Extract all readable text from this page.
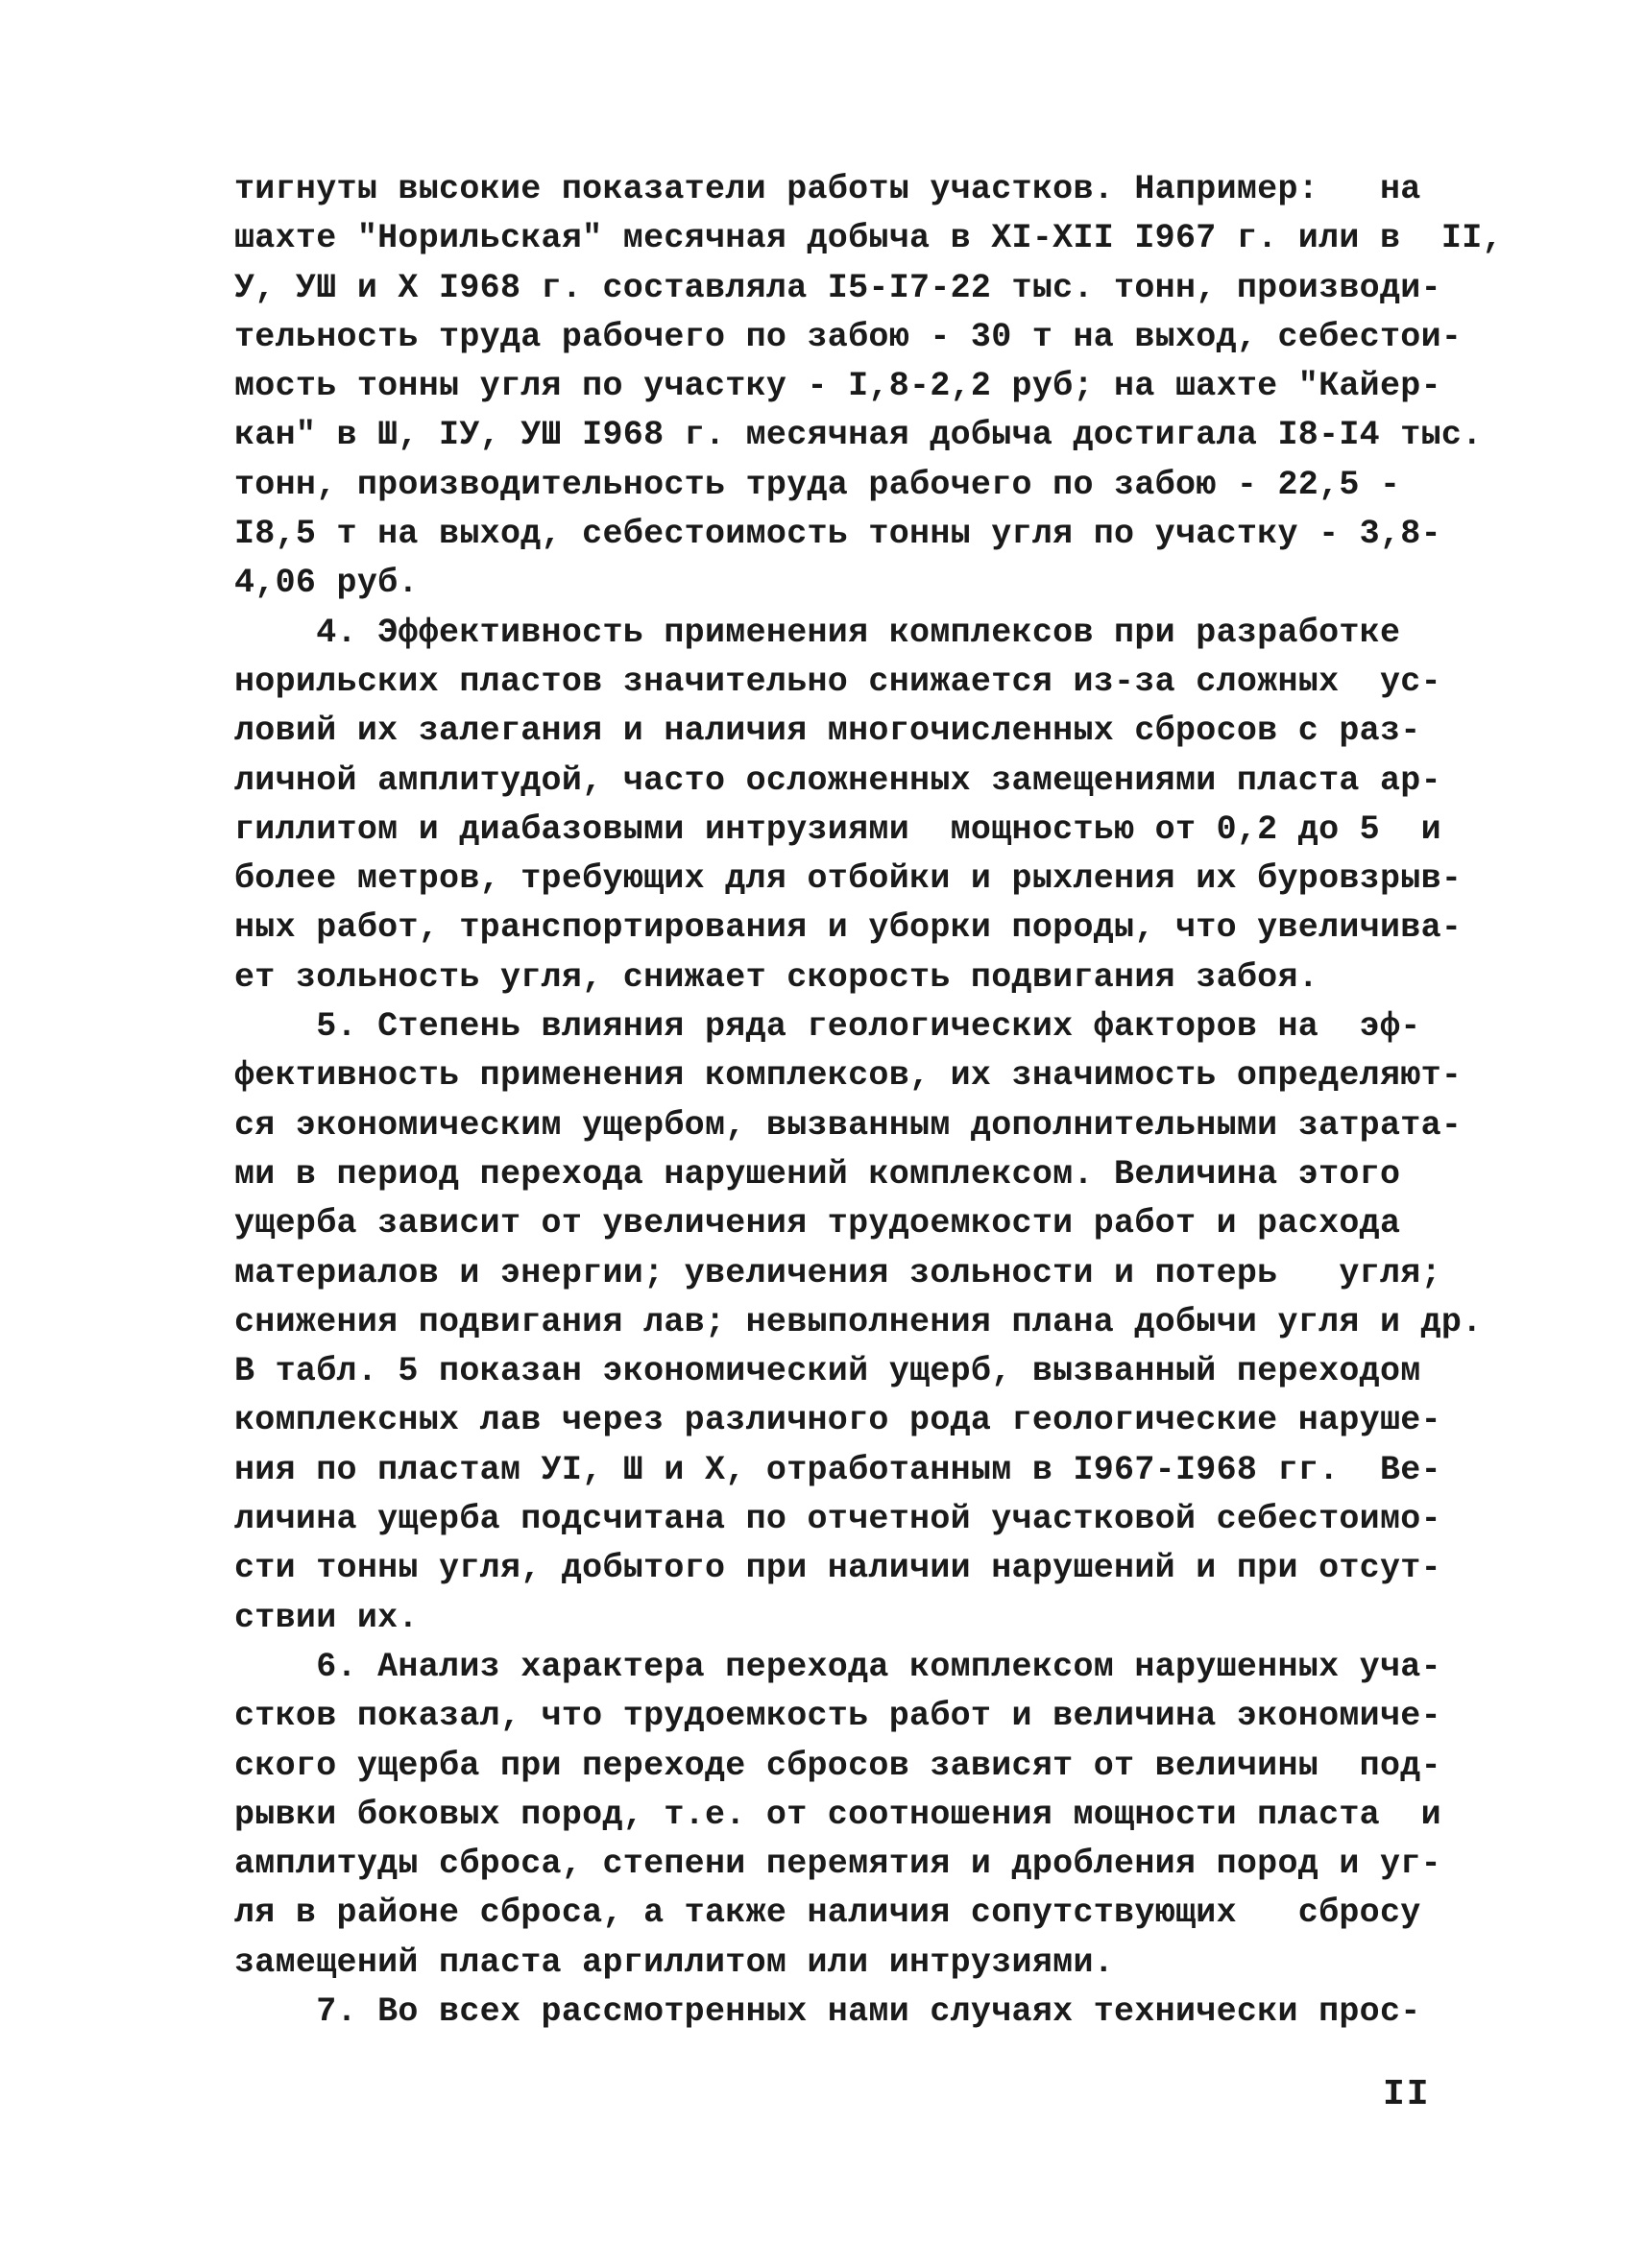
тигнуты высокие показатели работы участков. Например:   на
шахте "Норильская" месячная добыча в XI-XII I967 г. или в  II,
У, УШ и X I968 г. составляла I5-I7-22 тыс. тонн, производи-
тельность труда рабочего по забою - 30 т на выход, себестои-
мость тонны угля по участку - I,8-2,2 руб; на шахте "Кайер-
кан" в Ш, IУ, УШ I968 г. месячная добыча достигала I8-I4 тыс.
тонн, производительность труда рабочего по забою - 22,5 -
I8,5 т на выход, себестоимость тонны угля по участку - 3,8-
4,06 руб.
4. Эффективность применения комплексов при разработке
норильских пластов значительно снижается из-за сложных  ус-
ловий их залегания и наличия многочисленных сбросов с раз-
личной амплитудой, часто осложненных замещениями пласта ар-
гиллитом и диабазовыми интрузиями  мощностью от 0,2 до 5  и
более метров, требующих для отбойки и рыхления их буровзрыв-
ных работ, транспортирования и уборки породы, что увеличива-
ет зольность угля, снижает скорость подвигания забоя.
5. Степень влияния ряда геологических факторов на  эф-
фективность применения комплексов, их значимость определяют-
ся экономическим ущербом, вызванным дополнительными затрата-
ми в период перехода нарушений комплексом. Величина этого
ущерба зависит от увеличения трудоемкости работ и расхода
материалов и энергии; увеличения зольности и потерь   угля;
снижения подвигания лав; невыполнения плана добычи угля и др.
В табл. 5 показан экономический ущерб, вызванный переходом
комплексных лав через различного рода геологические наруше-
ния по пластам УI, Ш и X, отработанным в I967-I968 гг.  Ве-
личина ущерба подсчитана по отчетной участковой себестоимо-
сти тонны угля, добытого при наличии нарушений и при отсут-
ствии их.
6. Анализ характера перехода комплексом нарушенных уча-
стков показал, что трудоемкость работ и величина экономиче-
ского ущерба при переходе сбросов зависят от величины  под-
рывки боковых пород, т.е. от соотношения мощности пласта  и
амплитуды сброса, степени перемятия и дробления пород и уг-
ля в районе сброса, а также наличия сопутствующих   сбросу
замещений пласта аргиллитом или интрузиями.
7. Во всех рассмотренных нами случаях технически прос-
II
